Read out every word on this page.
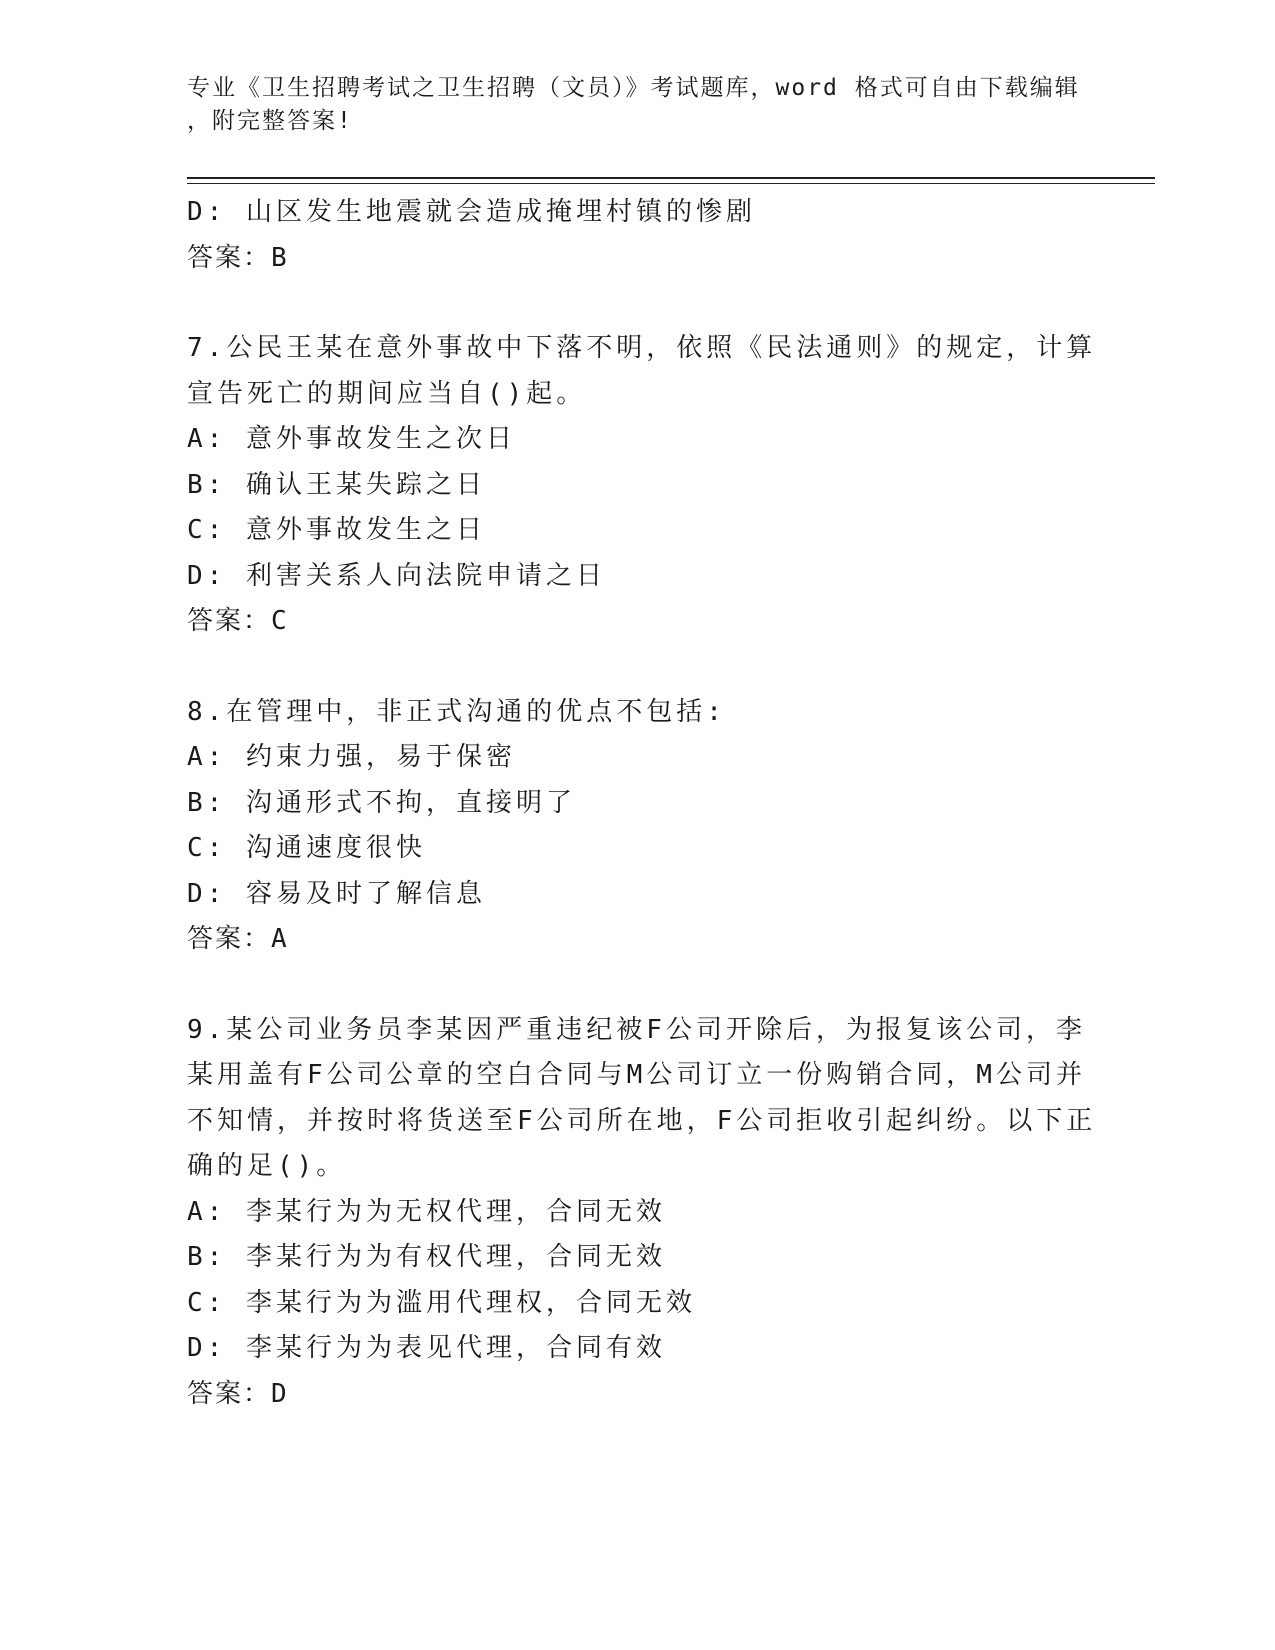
专业《卫生招聘考试之卫生招聘（文员）》考试题库，word 格式可自由下载编辑
，附完整答案!
D: 山区发生地震就会造成掩埋村镇的惨剧
答案：B
7.公民王某在意外事故中下落不明，依照《民法通则》的规定，计算
宣告死亡的期间应当自()起。
A: 意外事故发生之次日
B: 确认王某失踪之日
C: 意外事故发生之日
D: 利害关系人向法院申请之日
答案：C
8.在管理中，非正式沟通的优点不包括:
A: 约束力强，易于保密
B: 沟通形式不拘，直接明了
C: 沟通速度很快
D: 容易及时了解信息
答案：A
9.某公司业务员李某因严重违纪被F公司开除后，为报复该公司，李
某用盖有F公司公章的空白合同与M公司订立一份购销合同，M公司并
不知情，并按时将货送至F公司所在地，F公司拒收引起纠纷。以下正
确的足()。
A: 李某行为为无权代理，合同无效
B: 李某行为为有权代理，合同无效
C: 李某行为为滥用代理权，合同无效
D: 李某行为为表见代理，合同有效
答案：D
